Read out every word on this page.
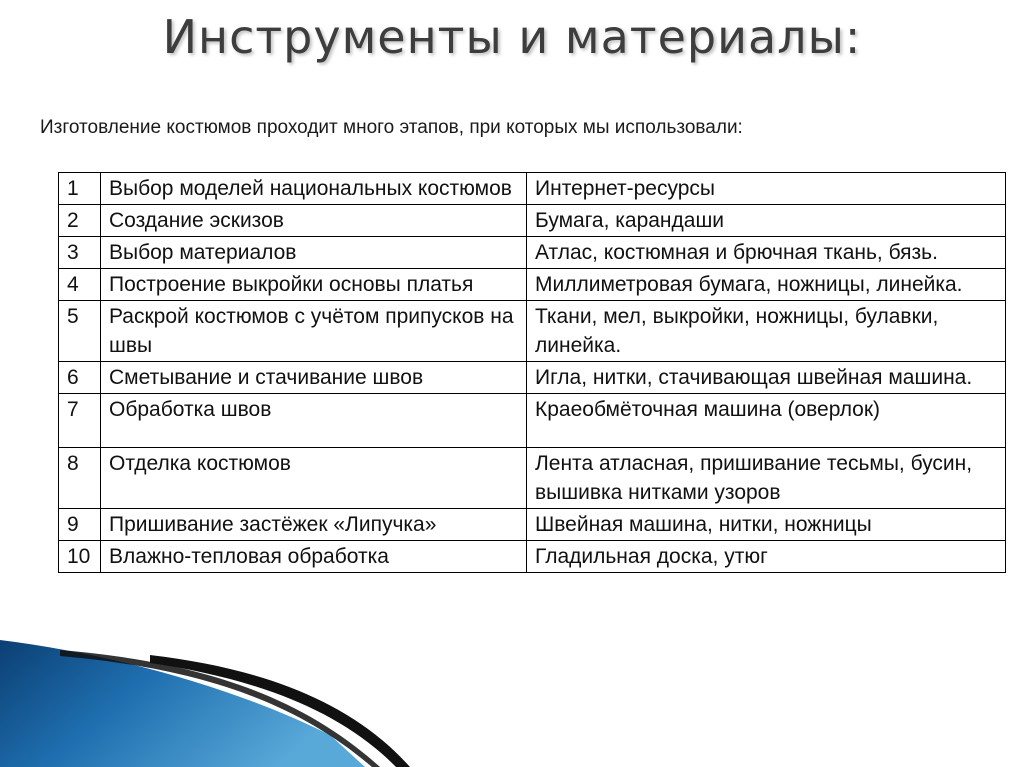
Инструменты и материалы:
Изготовление костюмов проходит много этапов, при которых мы использовали:
1	Выбор моделей национальных костюмов	Интернет-ресурсы
2	Создание эскизов	Бумага, карандаши
3	Выбор материалов	Атлас, костюмная и брючная ткань, бязь.
4	Построение выкройки основы платья	Миллиметровая бумага, ножницы, линейка.
5	Раскрой костюмов с учётом припусков на швы	Ткани, мел, выкройки, ножницы, булавки, линейка.
6	Сметывание и стачивание швов	Игла, нитки, стачивающая швейная машина.
7	Обработка швов	Краеобмёточная машина (оверлок)
8	Отделка костюмов	Лента атласная, пришивание тесьмы, бусин, вышивка нитками узоров
9	Пришивание застёжек «Липучка»	Швейная машина, нитки, ножницы
10	Влажно-тепловая обработка	Гладильная доска, утюг
